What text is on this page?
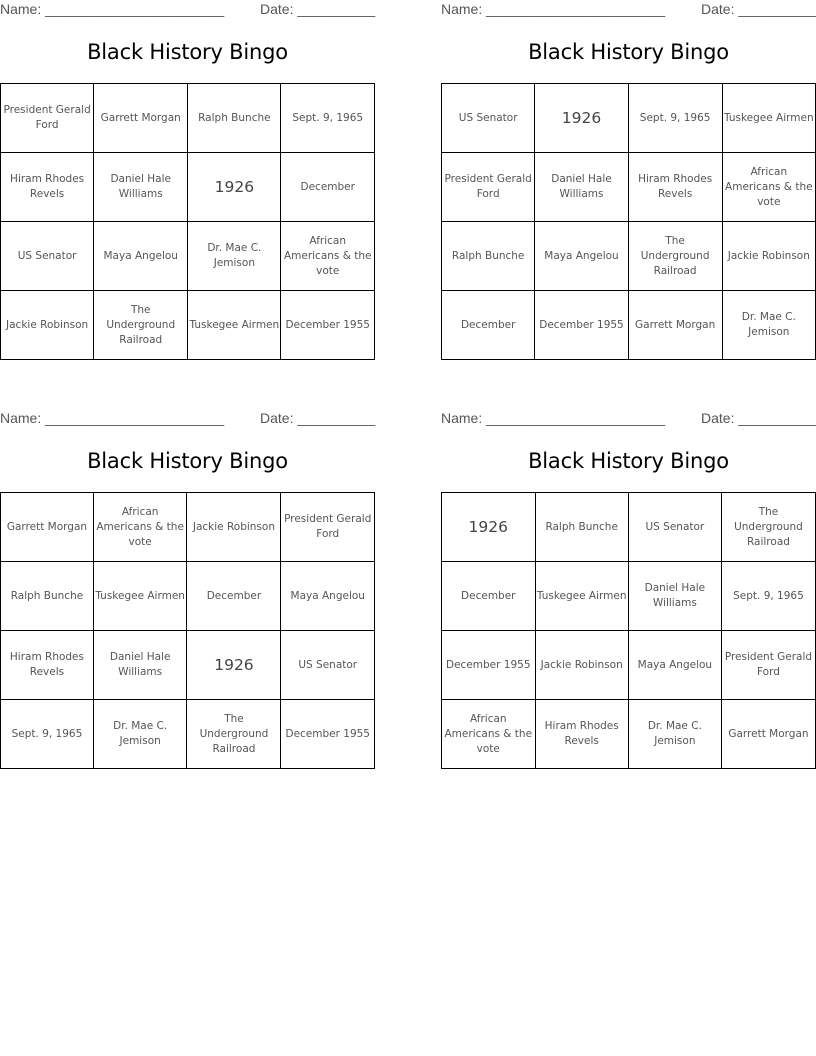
Name: _______________________	Date: __________
Black History Bingo
President Gerald Ford	Garrett Morgan	Ralph Bunche	Sept. 9, 1965
Hiram Rhodes Revels	Daniel Hale Williams	1926	December
US Senator	Maya Angelou	Dr. Mae C. Jemison	African Americans & the vote
Jackie Robinson	The Underground Railroad	Tuskegee Airmen	December 1955
Name: _______________________	Date: __________
Black History Bingo
US Senator	1926	Sept. 9, 1965	Tuskegee Airmen
President Gerald Ford	Daniel Hale Williams	Hiram Rhodes Revels	African Americans & the vote
Ralph Bunche	Maya Angelou	The Underground Railroad	Jackie Robinson
December	December 1955	Garrett Morgan	Dr. Mae C. Jemison
Name: _______________________	Date: __________
Black History Bingo
Garrett Morgan	African Americans & the vote	Jackie Robinson	President Gerald Ford
Ralph Bunche	Tuskegee Airmen	December	Maya Angelou
Hiram Rhodes Revels	Daniel Hale Williams	1926	US Senator
Sept. 9, 1965	Dr. Mae C. Jemison	The Underground Railroad	December 1955
Name: _______________________	Date: __________
Black History Bingo
1926	Ralph Bunche	US Senator	The Underground Railroad
December	Tuskegee Airmen	Daniel Hale Williams	Sept. 9, 1965
December 1955	Jackie Robinson	Maya Angelou	President Gerald Ford
African Americans & the vote	Hiram Rhodes Revels	Dr. Mae C. Jemison	Garrett Morgan
